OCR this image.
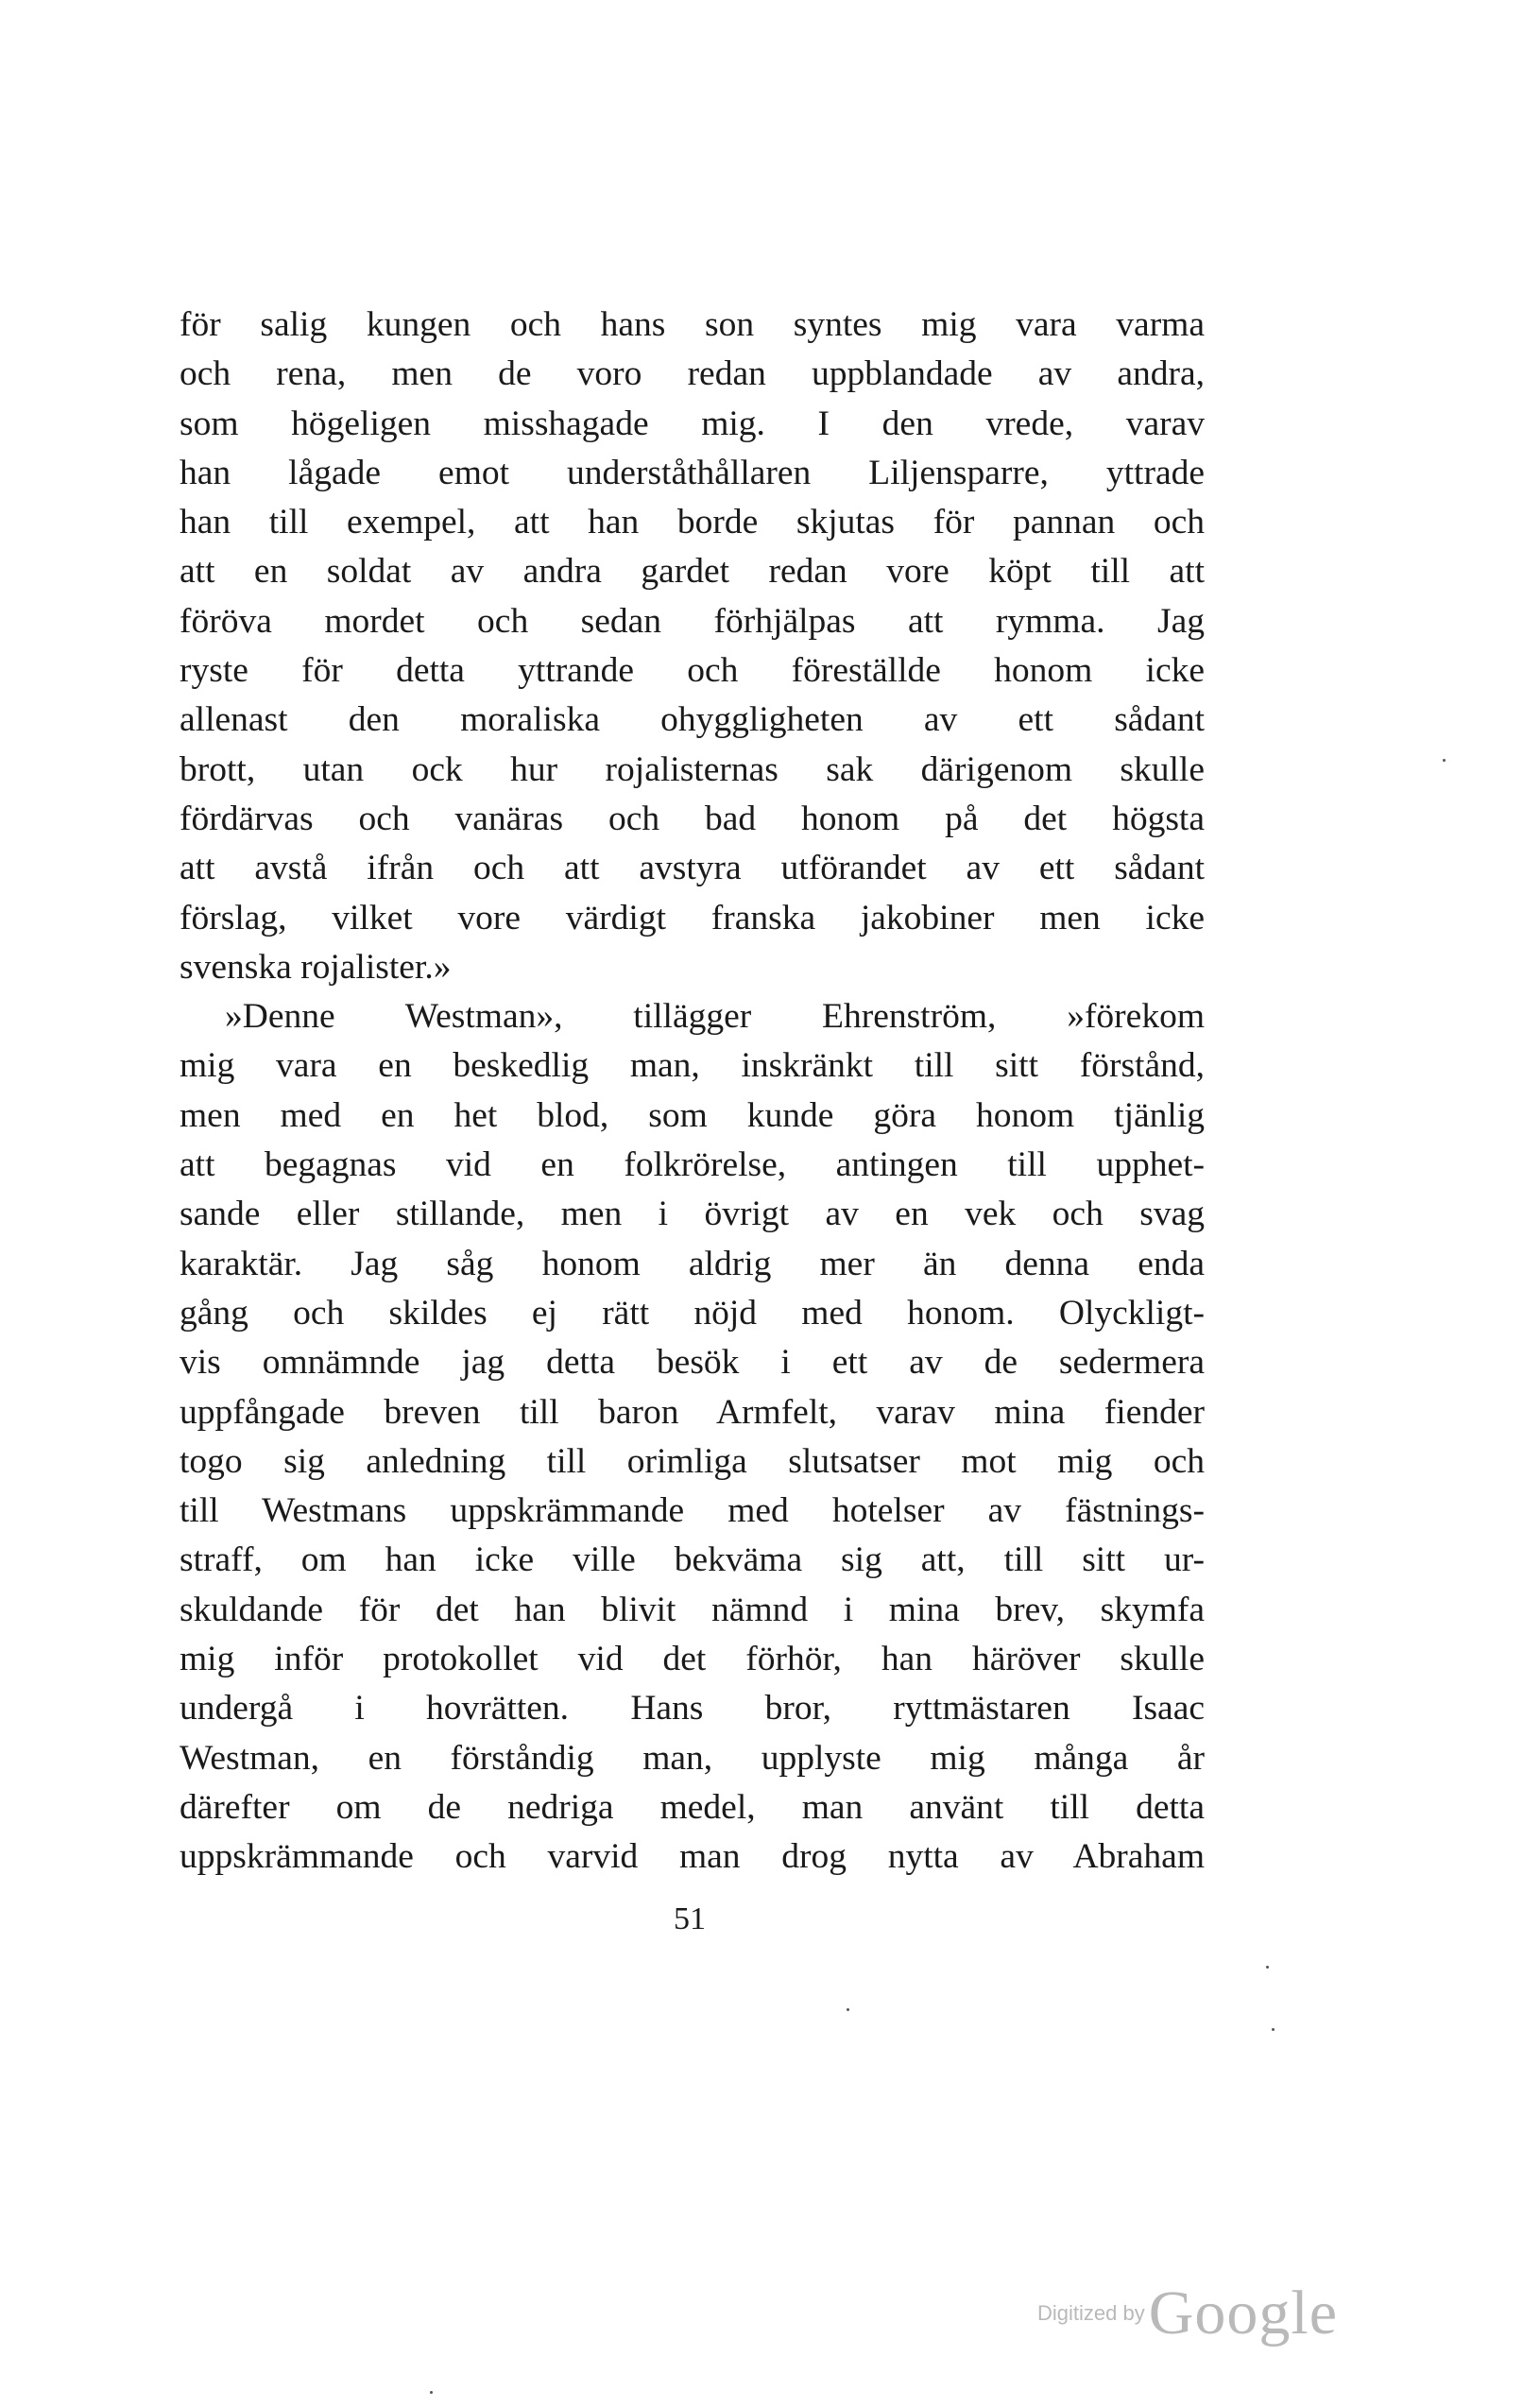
för salig kungen och hans son syntes mig vara varma
och rena, men de voro redan uppblandade av andra,
som högeligen misshagade mig. I den vrede, varav
han lågade emot underståthållaren Liljensparre, yttrade
han till exempel, att han borde skjutas för pannan och
att en soldat av andra gardet redan vore köpt till att
föröva mordet och sedan förhjälpas att rymma. Jag
ryste för detta yttrande och föreställde honom icke
allenast den moraliska ohyggligheten av ett sådant
brott, utan ock hur rojalisternas sak därigenom skulle
fördärvas och vanäras och bad honom på det högsta
att avstå ifrån och att avstyra utförandet av ett sådant
förslag, vilket vore värdigt franska jakobiner men icke
svenska rojalister.»
»Denne Westman», tillägger Ehrenström, »förekom
mig vara en beskedlig man, inskränkt till sitt förstånd,
men med en het blod, som kunde göra honom tjänlig
att begagnas vid en folkrörelse, antingen till upphet-
sande eller stillande, men i övrigt av en vek och svag
karaktär. Jag såg honom aldrig mer än denna enda
gång och skildes ej rätt nöjd med honom. Olyckligt-
vis omnämnde jag detta besök i ett av de sedermera
uppfångade breven till baron Armfelt, varav mina fiender
togo sig anledning till orimliga slutsatser mot mig och
till Westmans uppskrämmande med hotelser av fästnings-
straff, om han icke ville bekväma sig att, till sitt ur-
skuldande för det han blivit nämnd i mina brev, skymfa
mig inför protokollet vid det förhör, han häröver skulle
undergå i hovrätten. Hans bror, ryttmästaren Isaac
Westman, en förståndig man, upplyste mig många år
därefter om de nedriga medel, man använt till detta
uppskrämmande och varvid man drog nytta av Abraham
51
Digitized by Google
